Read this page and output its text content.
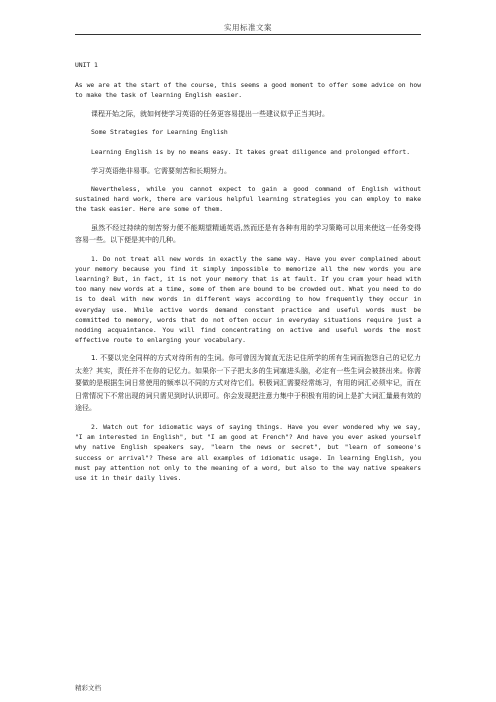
实用标准文案

UNIT 1

As we are at the start of the course, this seems a good moment to offer some advice on how to make the task of learning English easier.

课程开始之际，就如何使学习英语的任务更容易提出一些建议似乎正当其时。

Some Strategies for Learning English

Learning English is by no means easy. It takes great diligence and prolonged effort.

学习英语绝非易事。它需要刻苦和长期努力。

Nevertheless, while you cannot expect to gain a good command of English without sustained hard work, there are various helpful learning strategies you can employ to make the task easier. Here are some of them.

虽然不经过持续的刻苦努力便不能期望精通英语,然而还是有各种有用的学习策略可以用来使这一任务变得容易一些。以下便是其中的几种。

1. Do not treat all new words in exactly the same way. Have you ever complained about your memory because you find it simply impossible to memorize all the new words you are learning? But, in fact, it is not your memory that is at fault. If you cram your head with too many new words at a time, some of them are bound to be crowded out. What you need to do is to deal with new words in different ways according to how frequently they occur in everyday use. While active words demand constant practice and useful words must be committed to memory, words that do not often occur in everyday situations require just a nodding acquaintance. You will find concentrating on active and useful words the most effective route to enlarging your vocabulary.

1. 不要以完全同样的方式对待所有的生词。你可曾因为简直无法记住所学的所有生词而抱怨自己的记忆力太差？其实，责任并不在你的记忆力。如果你一下子把太多的生词塞进头脑，必定有一些生词会被挤出来。你需要做的是根据生词日常使用的频率以不同的方式对待它们。积极词汇需要经常练习，有用的词汇必须牢记，而在日常情况下不常出现的词只需见到时认识即可。你会发现把注意力集中于积极有用的词上是扩大词汇量最有效的途径。

2. Watch out for idiomatic ways of saying things. Have you ever wondered why we say, "I am interested in English", but "I am good at French"? And have you ever asked yourself why native English speakers say, "learn the news or secret", but "learn of someone's success or arrival"? These are all examples of idiomatic usage. In learning English, you must pay attention not only to the meaning of a word, but also to the way native speakers use it in their daily lives.

精彩文档
